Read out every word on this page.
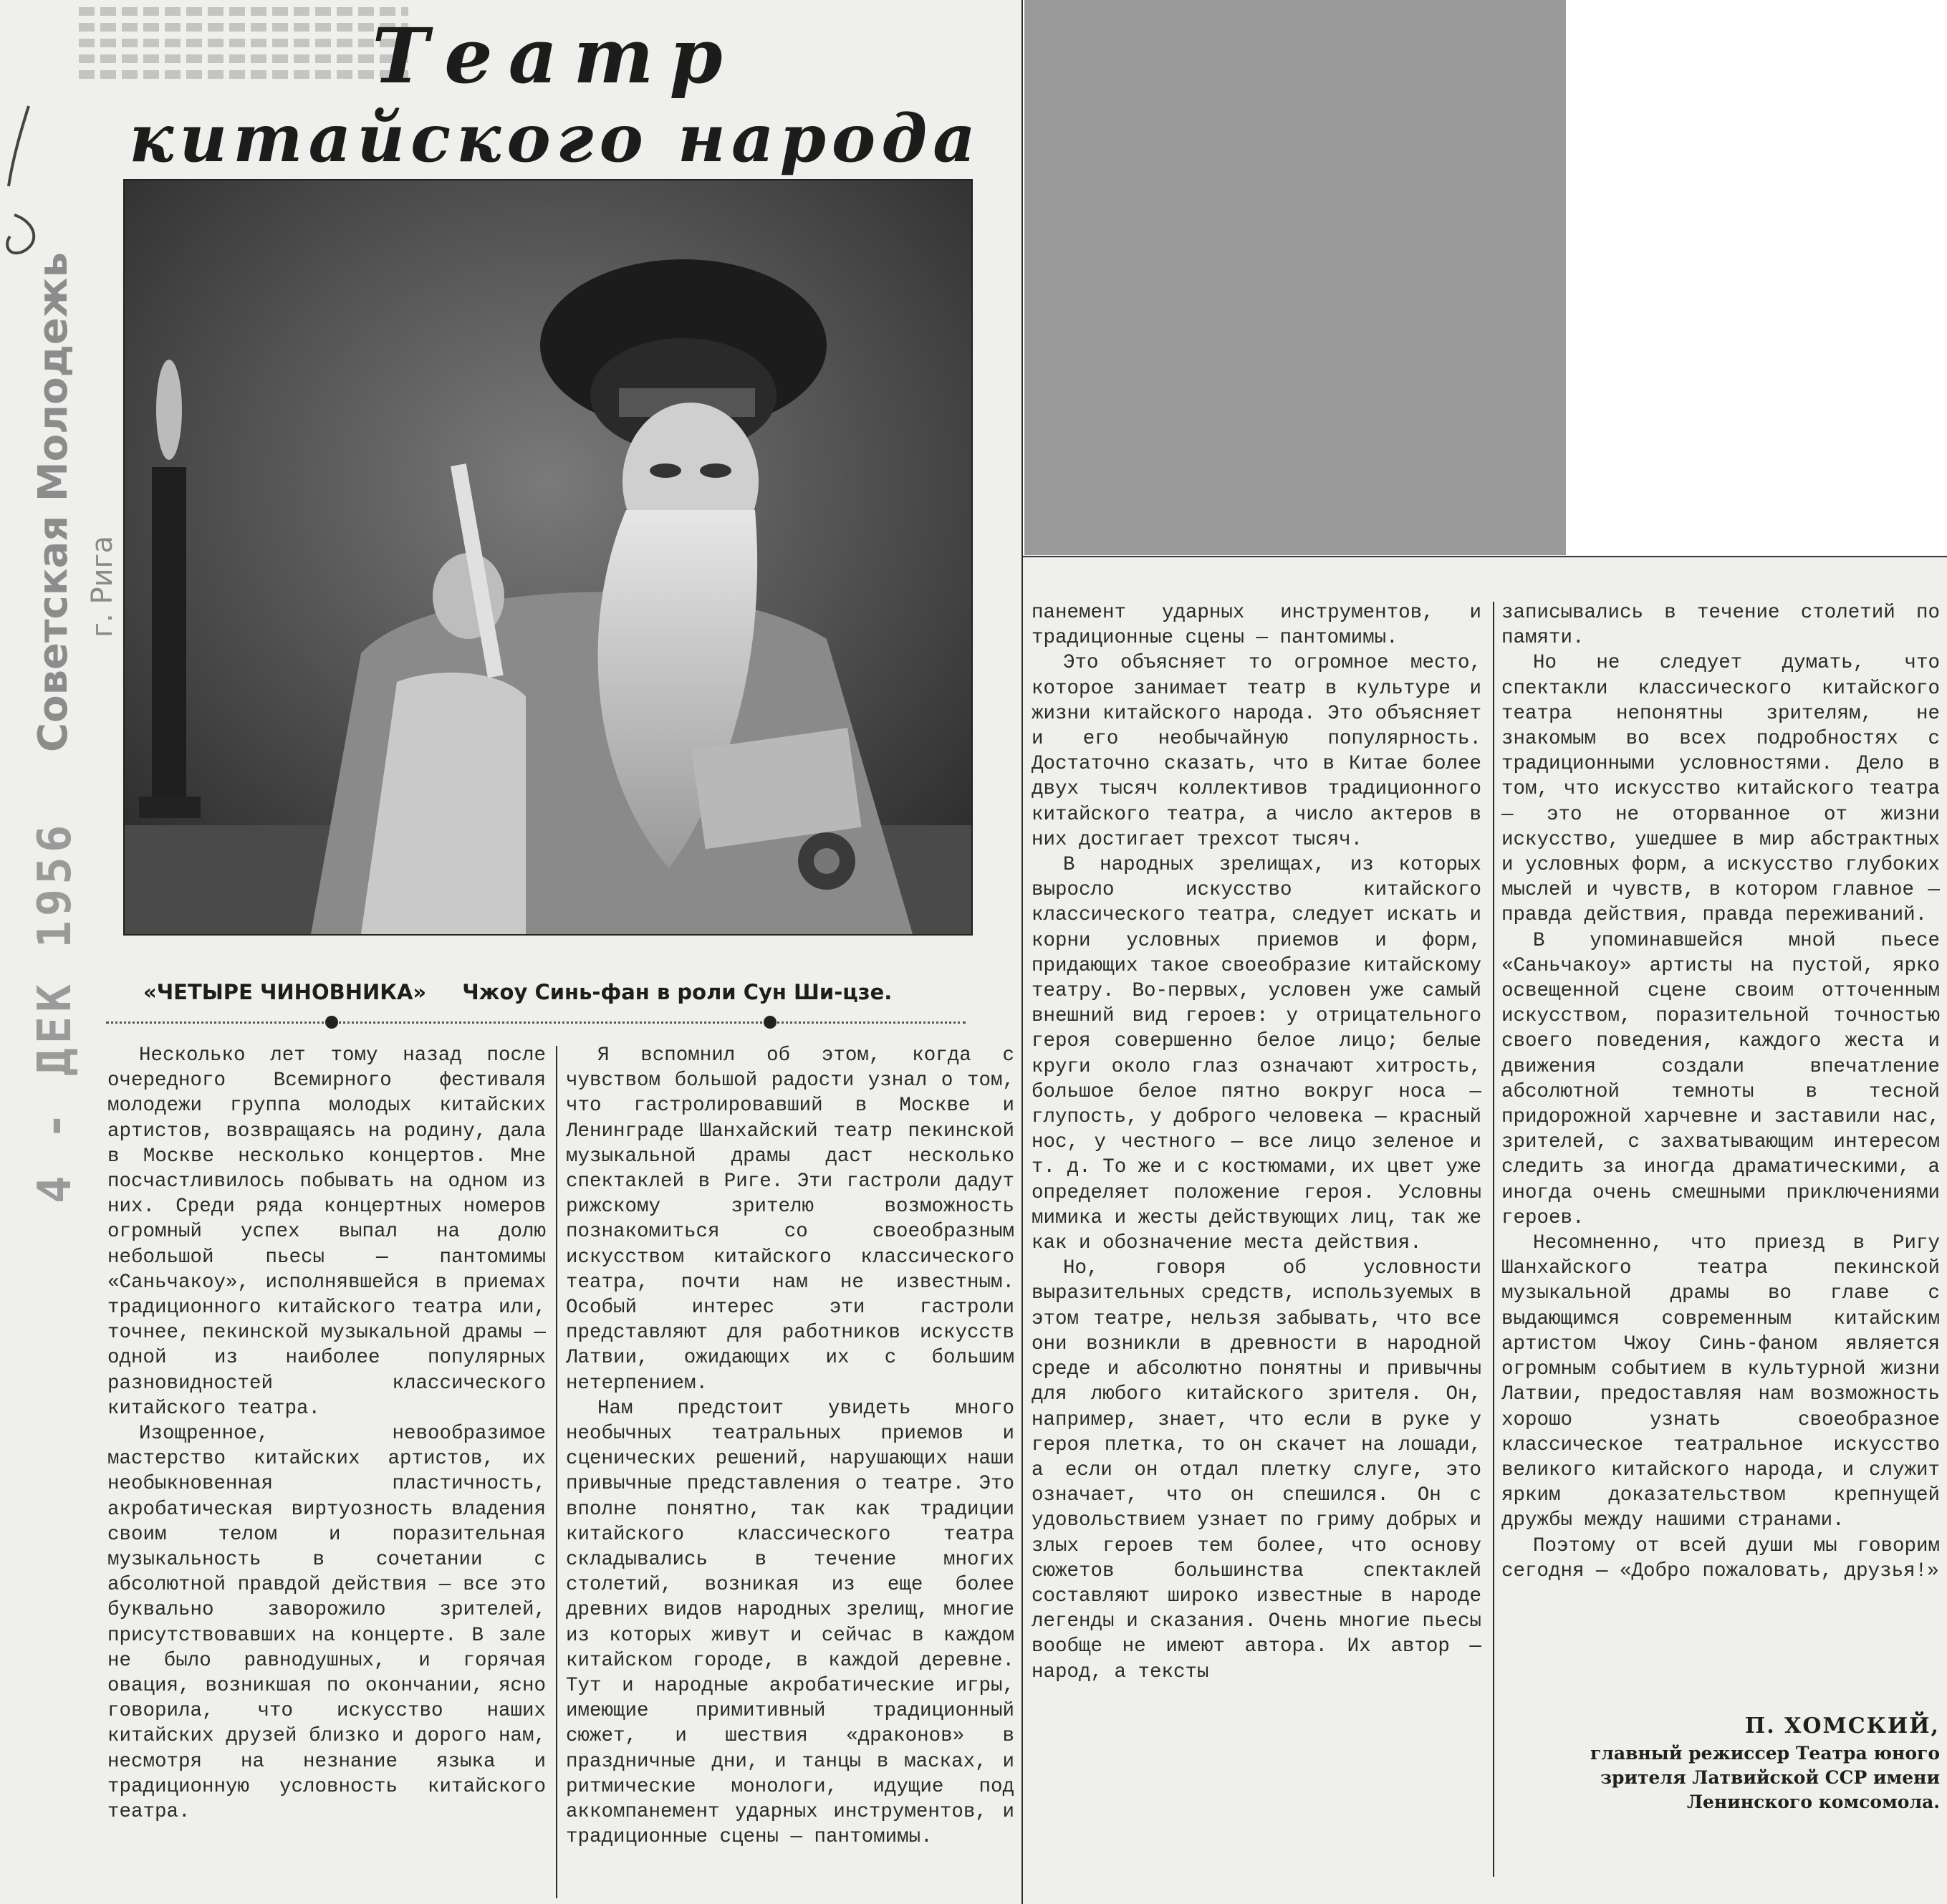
Советская Молодежь г. Рига
4 - ДЕК 1956
Театр
китайского народа
«ЧЕТЫРЕ ЧИНОВНИКА» Чжоу Синь-фан в роли Сун Ши-цзе.

Несколько лет тому назад после очередного Всемирного фестиваля молодежи группа молодых китайских артистов, возвращаясь на родину, дала в Москве несколько концертов. Мне посчастливилось побывать на одном из них. Среди ряда концертных номеров огромный успех выпал на долю небольшой пьесы — пантомимы «Саньчакоу», исполнявшейся в приемах традиционного китайского театра или, точнее, пекинской музыкальной драмы — одной из наиболее популярных разновидностей классического китайского театра.

Изощренное, невообразимое мастерство китайских артистов, их необыкновенная пластичность, акробатическая виртуозность владения своим телом и поразительная музыкальность в сочетании с абсолютной правдой действия — все это буквально заворожило зрителей, присутствовавших на концерте. В зале не было равнодушных, и горячая овация, возникшая по окончании, ясно говорила, что искусство наших китайских друзей близко и дорого нам, несмотря на незнание языка и традиционную условность китайского театра.

Я вспомнил об этом, когда с чувством большой радости узнал о том, что гастролировавший в Москве и Ленинграде Шанхайский театр пекинской музыкальной драмы даст несколько спектаклей в Риге. Эти гастроли дадут рижскому зрителю возможность познакомиться со своеобразным искусством китайского классического театра, почти нам не известным. Особый интерес эти гастроли представляют для работников искусств Латвии, ожидающих их с большим нетерпением.

Нам предстоит увидеть много необычных театральных приемов и сценических решений, нарушающих наши привычные представления о театре. Это вполне понятно, так как традиции китайского классического театра складывались в течение многих столетий, возникая из еще более древних видов народных зрелищ, многие из которых живут и сейчас в каждом китайском городе, в каждой деревне. Тут и народные акробатические игры, имеющие примитивный традиционный сюжет, и шествия «драконов» в праздничные дни, и танцы в масках, и ритмические монологи, идущие под аккомпанемент ударных инструментов, и традиционные сцены — пантомимы.

панемент ударных инструментов, и традиционные сцены — пантомимы.

Это объясняет то огромное место, которое занимает театр в культуре и жизни китайского народа. Это объясняет и его необычайную популярность. Достаточно сказать, что в Китае более двух тысяч коллективов традиционного китайского театра, а число актеров в них достигает трехсот тысяч.

В народных зрелищах, из которых выросло искусство китайского классического театра, следует искать и корни условных приемов и форм, придающих такое своеобразие китайскому театру. Во-первых, условен уже самый внешний вид героев: у отрицательного героя совершенно белое лицо; белые круги около глаз означают хитрость, большое белое пятно вокруг носа — глупость, у доброго человека — красный нос, у честного — все лицо зеленое и т. д. То же и с костюмами, их цвет уже определяет положение героя. Условны мимика и жесты действующих лиц, так же как и обозначение места действия.

Но, говоря об условности выразительных средств, используемых в этом театре, нельзя забывать, что все они возникли в древности в народной среде и абсолютно понятны и привычны для любого китайского зрителя. Он, например, знает, что если в руке у героя плетка, то он скачет на лошади, а если он отдал плетку слуге, это означает, что он спешился. Он с удовольствием узнает по гриму добрых и злых героев тем более, что основу сюжетов большинства спектаклей составляют широко известные в народе легенды и сказания. Очень многие пьесы вообще не имеют автора. Их автор — народ, а тексты

записывались в течение столетий по памяти.

Но не следует думать, что спектакли классического китайского театра непонятны зрителям, не знакомым во всех подробностях с традиционными условностями. Дело в том, что искусство китайского театра — это не оторванное от жизни искусство, ушедшее в мир абстрактных и условных форм, а искусство глубоких мыслей и чувств, в котором главное — правда действия, правда переживаний.

В упоминавшейся мной пьесе «Саньчакоу» артисты на пустой, ярко освещенной сцене своим отточенным искусством, поразительной точностью своего поведения, каждого жеста и движения создали впечатление абсолютной темноты в тесной придорожной харчевне и заставили нас, зрителей, с захватывающим интересом следить за иногда драматическими, а иногда очень смешными приключениями героев.

Несомненно, что приезд в Ригу Шанхайского театра пекинской музыкальной драмы во главе с выдающимся современным китайским артистом Чжоу Синь-фаном является огромным событием в культурной жизни Латвии, предоставляя нам возможность хорошо узнать своеобразное классическое театральное искусство великого китайского народа, и служит ярким доказательством крепнущей дружбы между нашими странами.

Поэтому от всей души мы говорим сегодня — «Добро пожаловать, друзья!»

П. ХОМСКИЙ,
главный режиссер Театра юного зрителя Латвийской ССР имени Ленинского комсомола.
